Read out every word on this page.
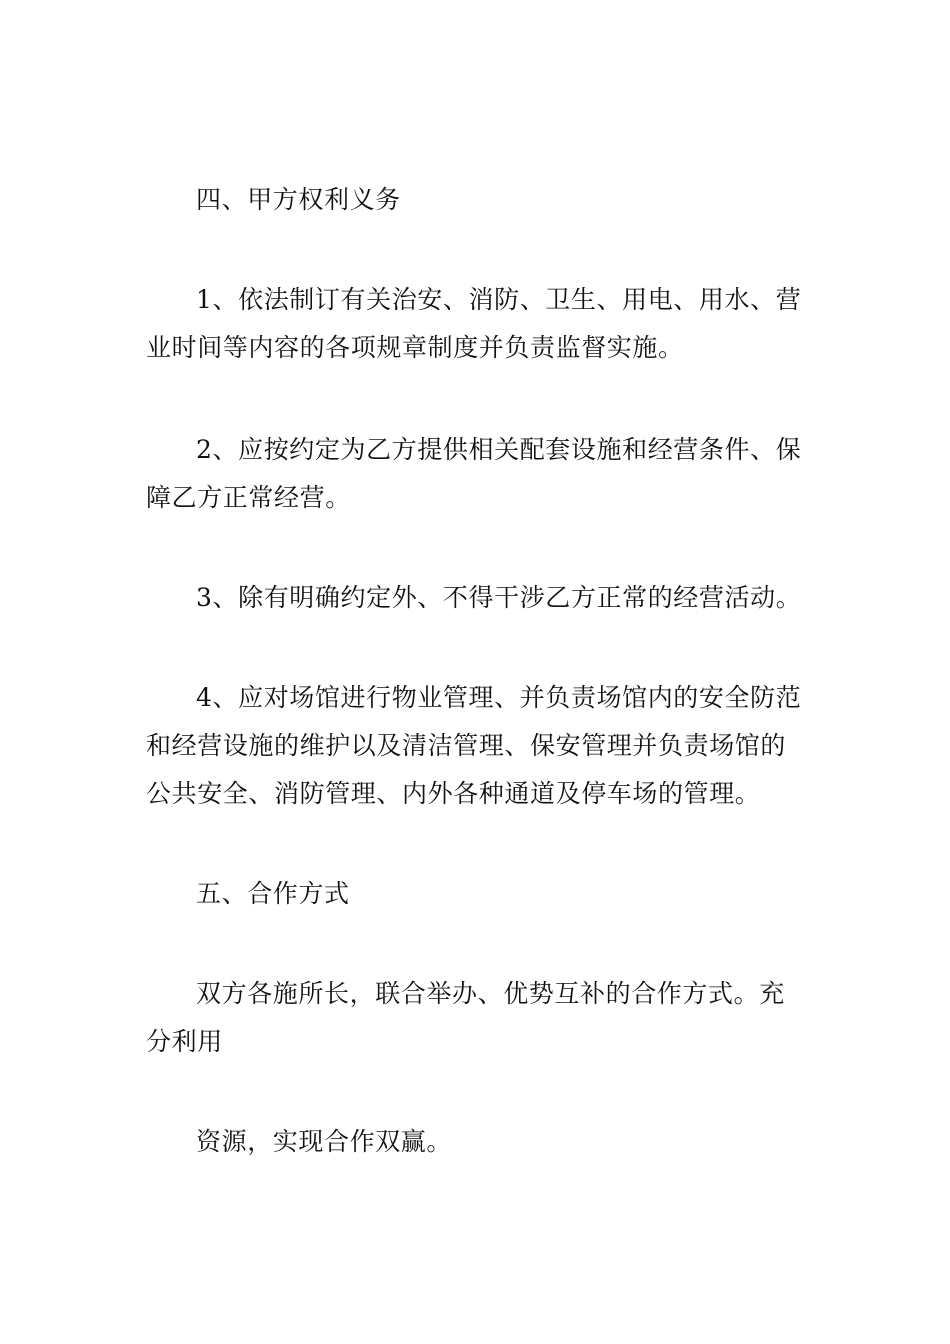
四、甲方权利义务

1、依法制订有关治安、消防、卫生、用电、用水、营业时间等内容的各项规章制度并负责监督实施。

2、应按约定为乙方提供相关配套设施和经营条件、保障乙方正常经营。

3、除有明确约定外、不得干涉乙方正常的经营活动。

4、应对场馆进行物业管理、并负责场馆内的安全防范和经营设施的维护以及清洁管理、保安管理并负责场馆的公共安全、消防管理、内外各种通道及停车场的管理。

五、合作方式

双方各施所长，联合举办、优势互补的合作方式。充分利用

资源，实现合作双赢。
